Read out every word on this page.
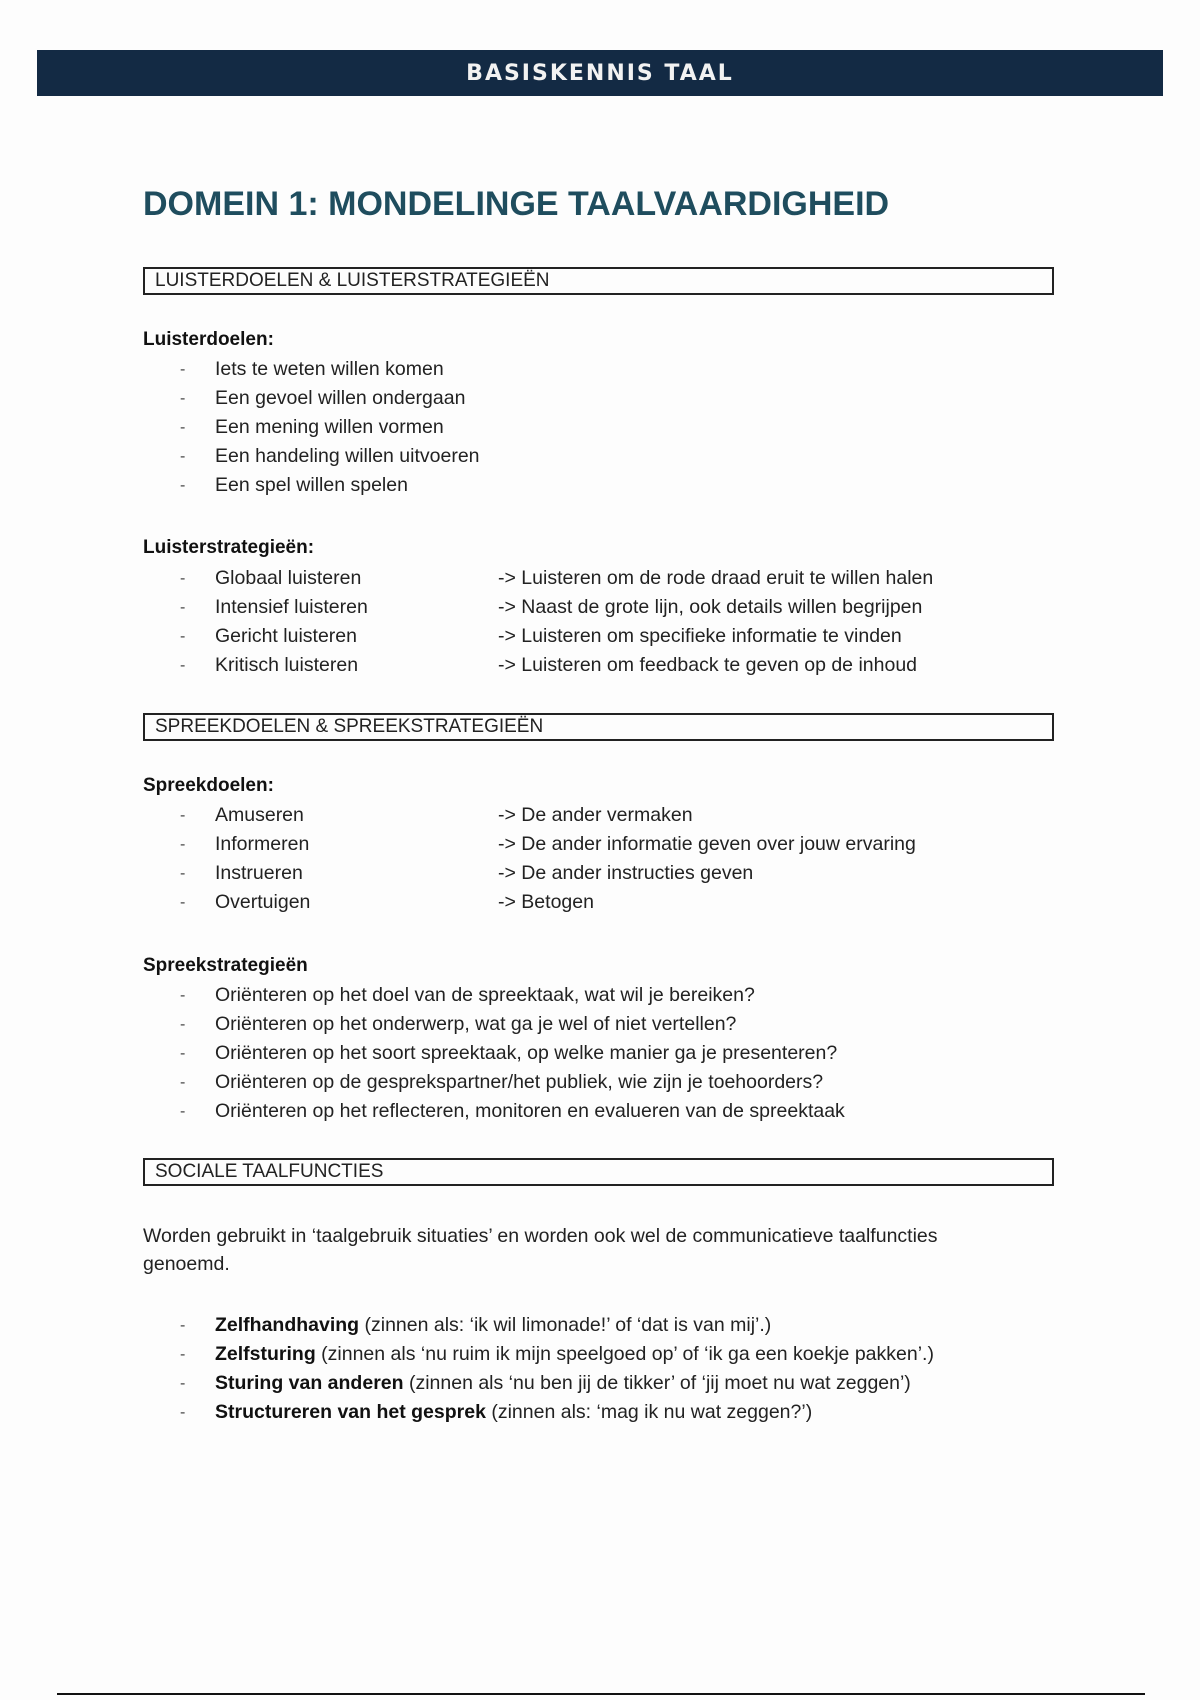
BASISKENNIS TAAL
DOMEIN 1: MONDELINGE TAALVAARDIGHEID
LUISTERDOELEN & LUISTERSTRATEGIEËN
Luisterdoelen:
- Iets te weten willen komen
- Een gevoel willen ondergaan
- Een mening willen vormen
- Een handeling willen uitvoeren
- Een spel willen spelen
Luisterstrategieën:
- Globaal luisteren	-> Luisteren om de rode draad eruit te willen halen
- Intensief luisteren	-> Naast de grote lijn, ook details willen begrijpen
- Gericht luisteren	-> Luisteren om specifieke informatie te vinden
- Kritisch luisteren	-> Luisteren om feedback te geven op de inhoud
SPREEKDOELEN & SPREEKSTRATEGIEËN
Spreekdoelen:
- Amuseren	-> De ander vermaken
- Informeren	-> De ander informatie geven over jouw ervaring
- Instrueren	-> De ander instructies geven
- Overtuigen	-> Betogen
Spreekstrategieën
- Oriënteren op het doel van de spreektaak, wat wil je bereiken?
- Oriënteren op het onderwerp, wat ga je wel of niet vertellen?
- Oriënteren op het soort spreektaak, op welke manier ga je presenteren?
- Oriënteren op de gesprekspartner/het publiek, wie zijn je toehoorders?
- Oriënteren op het reflecteren, monitoren en evalueren van de spreektaak
SOCIALE TAALFUNCTIES
Worden gebruikt in ‘taalgebruik situaties’ en worden ook wel de communicatieve taalfuncties genoemd.
- Zelfhandhaving (zinnen als: ‘ik wil limonade!’ of ‘dat is van mij’.)
- Zelfsturing (zinnen als ‘nu ruim ik mijn speelgoed op’ of ‘ik ga een koekje pakken’.)
- Sturing van anderen (zinnen als ‘nu ben jij de tikker’ of ‘jij moet nu wat zeggen’)
- Structureren van het gesprek (zinnen als: ‘mag ik nu wat zeggen?’)
